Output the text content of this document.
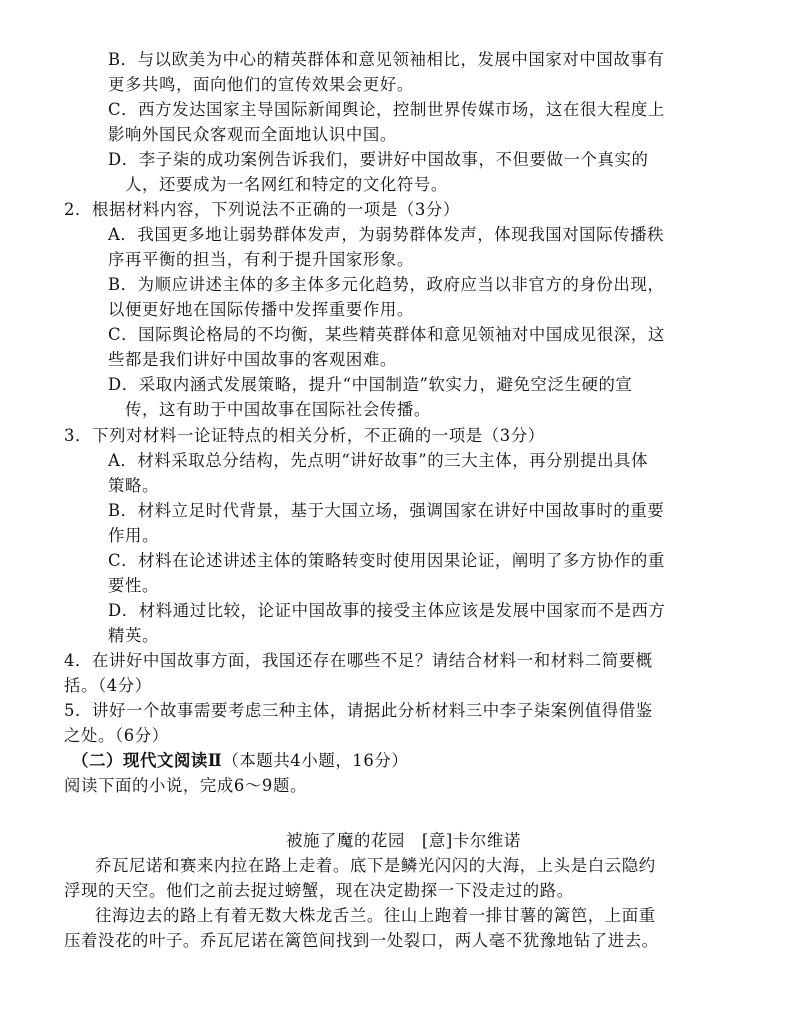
B．与以欧美为中心的精英群体和意见领袖相比，发展中国家对中国故事有
更多共鸣，面向他们的宣传效果会更好。
C．西方发达国家主导国际新闻舆论，控制世界传媒市场，这在很大程度上
影响外国民众客观而全面地认识中国。
D．李子柒的成功案例告诉我们，要讲好中国故事，不但要做一个真实的
人，还要成为一名网红和特定的文化符号。
2．根据材料内容，下列说法不正确的一项是（3分）
A．我国更多地让弱势群体发声，为弱势群体发声，体现我国对国际传播秩
序再平衡的担当，有利于提升国家形象。
B．为顺应讲述主体的多主体多元化趋势，政府应当以非官方的身份出现，
以便更好地在国际传播中发挥重要作用。
C．国际舆论格局的不均衡，某些精英群体和意见领袖对中国成见很深，这
些都是我们讲好中国故事的客观困难。
D．采取内涵式发展策略，提升“中国制造”软实力，避免空泛生硬的宣
传，这有助于中国故事在国际社会传播。
3．下列对材料一论证特点的相关分析，不正确的一项是（3分）
A．材料采取总分结构，先点明“讲好故事”的三大主体，再分别提出具体
策略。
B．材料立足时代背景，基于大国立场，强调国家在讲好中国故事时的重要
作用。
C．材料在论述讲述主体的策略转变时使用因果论证，阐明了多方协作的重
要性。
D．材料通过比较，论证中国故事的接受主体应该是发展中国家而不是西方
精英。
4．在讲好中国故事方面，我国还存在哪些不足？请结合材料一和材料二简要概
括。（4分）
5．讲好一个故事需要考虑三种主体，请据此分析材料三中李子柒案例值得借鉴
之处。（6分）
（二）现代文阅读Ⅱ（本题共4小题，16分）
阅读下面的小说，完成6～9题。
被施了魔的花园　[意]卡尔维诺
乔瓦尼诺和赛来内拉在路上走着。底下是鳞光闪闪的大海，上头是白云隐约
浮现的天空。他们之前去捉过螃蟹，现在决定勘探一下没走过的路。
往海边去的路上有着无数大株龙舌兰。往山上跑着一排甘薯的篱笆，上面重
压着没花的叶子。乔瓦尼诺在篱笆间找到一处裂口，两人毫不犹豫地钻了进去。
